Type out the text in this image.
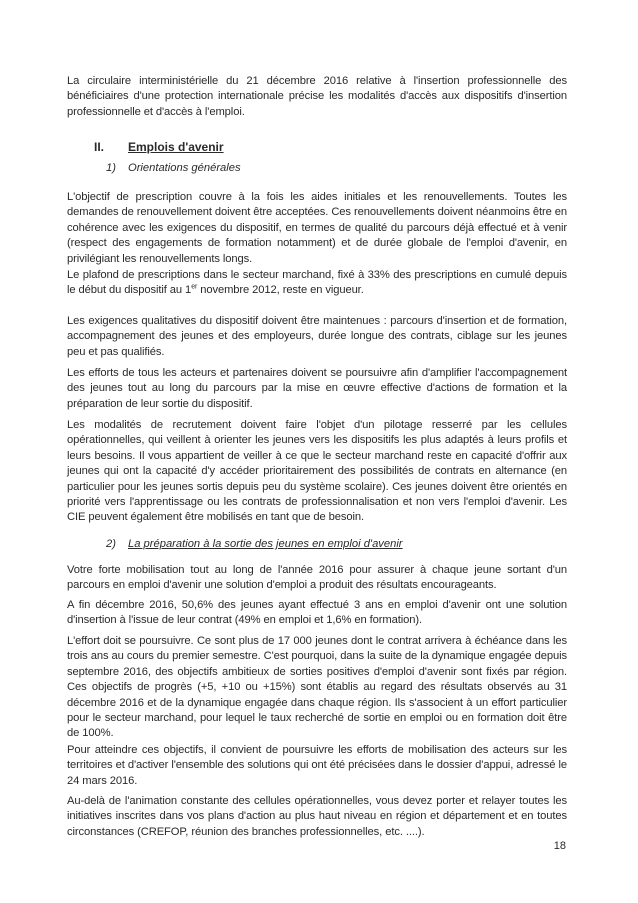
La circulaire interministérielle du 21 décembre 2016 relative à l'insertion professionnelle des bénéficiaires d'une protection internationale précise les modalités d'accès aux dispositifs d'insertion professionnelle et d'accès à l'emploi.

II. Emplois d'avenir
1) Orientations générales

L'objectif de prescription couvre à la fois les aides initiales et les renouvellements. Toutes les demandes de renouvellement doivent être acceptées. Ces renouvellements doivent néanmoins être en cohérence avec les exigences du dispositif, en termes de qualité du parcours déjà effectué et à venir (respect des engagements de formation notamment) et de durée globale de l'emploi d'avenir, en privilégiant les renouvellements longs.

Le plafond de prescriptions dans le secteur marchand, fixé à 33% des prescriptions en cumulé depuis le début du dispositif au 1er novembre 2012, reste en vigueur.

Les exigences qualitatives du dispositif doivent être maintenues : parcours d'insertion et de formation, accompagnement des jeunes et des employeurs, durée longue des contrats, ciblage sur les jeunes peu et pas qualifiés.

Les efforts de tous les acteurs et partenaires doivent se poursuivre afin d'amplifier l'accompagnement des jeunes tout au long du parcours par la mise en œuvre effective d'actions de formation et la préparation de leur sortie du dispositif.

Les modalités de recrutement doivent faire l'objet d'un pilotage resserré par les cellules opérationnelles, qui veillent à orienter les jeunes vers les dispositifs les plus adaptés à leurs profils et leurs besoins. Il vous appartient de veiller à ce que le secteur marchand reste en capacité d'offrir aux jeunes qui ont la capacité d'y accéder prioritairement des possibilités de contrats en alternance (en particulier pour les jeunes sortis depuis peu du système scolaire). Ces jeunes doivent être orientés en priorité vers l'apprentissage ou les contrats de professionnalisation et non vers l'emploi d'avenir. Les CIE peuvent également être mobilisés en tant que de besoin.

2) La préparation à la sortie des jeunes en emploi d'avenir

Votre forte mobilisation tout au long de l'année 2016 pour assurer à chaque jeune sortant d'un parcours en emploi d'avenir une solution d'emploi a produit des résultats encourageants.

A fin décembre 2016, 50,6% des jeunes ayant effectué 3 ans en emploi d'avenir ont une solution d'insertion à l'issue de leur contrat (49% en emploi et 1,6% en formation).

L'effort doit se poursuivre. Ce sont plus de 17 000 jeunes dont le contrat arrivera à échéance dans les trois ans au cours du premier semestre. C'est pourquoi, dans la suite de la dynamique engagée depuis septembre 2016, des objectifs ambitieux de sorties positives d'emploi d'avenir sont fixés par région. Ces objectifs de progrès (+5, +10 ou +15%) sont établis au regard des résultats observés au 31 décembre 2016 et de la dynamique engagée dans chaque région. Ils s'associent à un effort particulier pour le secteur marchand, pour lequel le taux recherché de sortie en emploi ou en formation doit être de 100%.

Pour atteindre ces objectifs, il convient de poursuivre les efforts de mobilisation des acteurs sur les territoires et d'activer l'ensemble des solutions qui ont été précisées dans le dossier d'appui, adressé le 24 mars 2016.

Au-delà de l'animation constante des cellules opérationnelles, vous devez porter et relayer toutes les initiatives inscrites dans vos plans d'action au plus haut niveau en région et département et en toutes circonstances (CREFOP, réunion des branches professionnelles, etc. ....).

18
